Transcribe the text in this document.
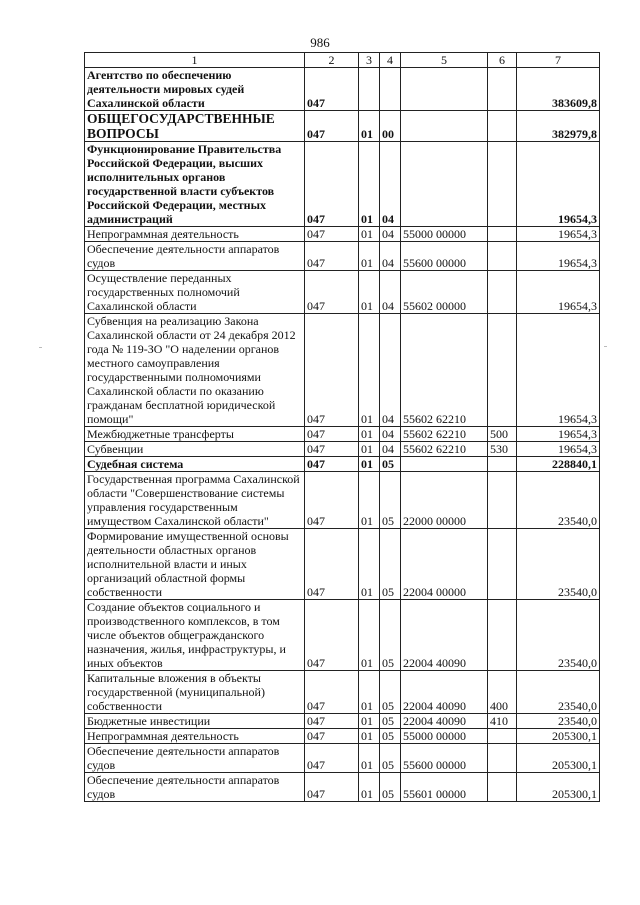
986
1	2	3	4	5	6	7
Агентство по обеспечению деятельности мировых судей Сахалинской области	047					383609,8
ОБЩЕГОСУДАРСТВЕННЫЕ ВОПРОСЫ	047	01	00			382979,8
Функционирование Правительства Российской Федерации, высших исполнительных органов государственной власти субъектов Российской Федерации, местных администраций	047	01	04			19654,3
Непрограммная деятельность	047	01	04	55000 00000		19654,3
Обеспечение деятельности аппаратов судов	047	01	04	55600 00000		19654,3
Осуществление переданных государственных полномочий Сахалинской области	047	01	04	55602 00000		19654,3
Субвенция на реализацию Закона Сахалинской области от 24 декабря 2012 года № 119-ЗО "О наделении органов местного самоуправления государственными полномочиями Сахалинской области по оказанию гражданам бесплатной юридической помощи"	047	01	04	55602 62210		19654,3
Межбюджетные трансферты	047	01	04	55602 62210	500	19654,3
Субвенции	047	01	04	55602 62210	530	19654,3
Судебная система	047	01	05			228840,1
Государственная программа Сахалинской области "Совершенствование системы управления государственным имуществом Сахалинской области"	047	01	05	22000 00000		23540,0
Формирование имущественной основы деятельности областных органов исполнительной власти и иных организаций областной формы собственности	047	01	05	22004 00000		23540,0
Создание объектов социального и производственного комплексов, в том числе объектов общегражданского назначения, жилья, инфраструктуры, и иных объектов	047	01	05	22004 40090		23540,0
Капитальные вложения в объекты государственной (муниципальной) собственности	047	01	05	22004 40090	400	23540,0
Бюджетные инвестиции	047	01	05	22004 40090	410	23540,0
Непрограммная деятельность	047	01	05	55000 00000		205300,1
Обеспечение деятельности аппаратов судов	047	01	05	55600 00000		205300,1
Обеспечение деятельности аппаратов судов	047	01	05	55601 00000		205300,1
